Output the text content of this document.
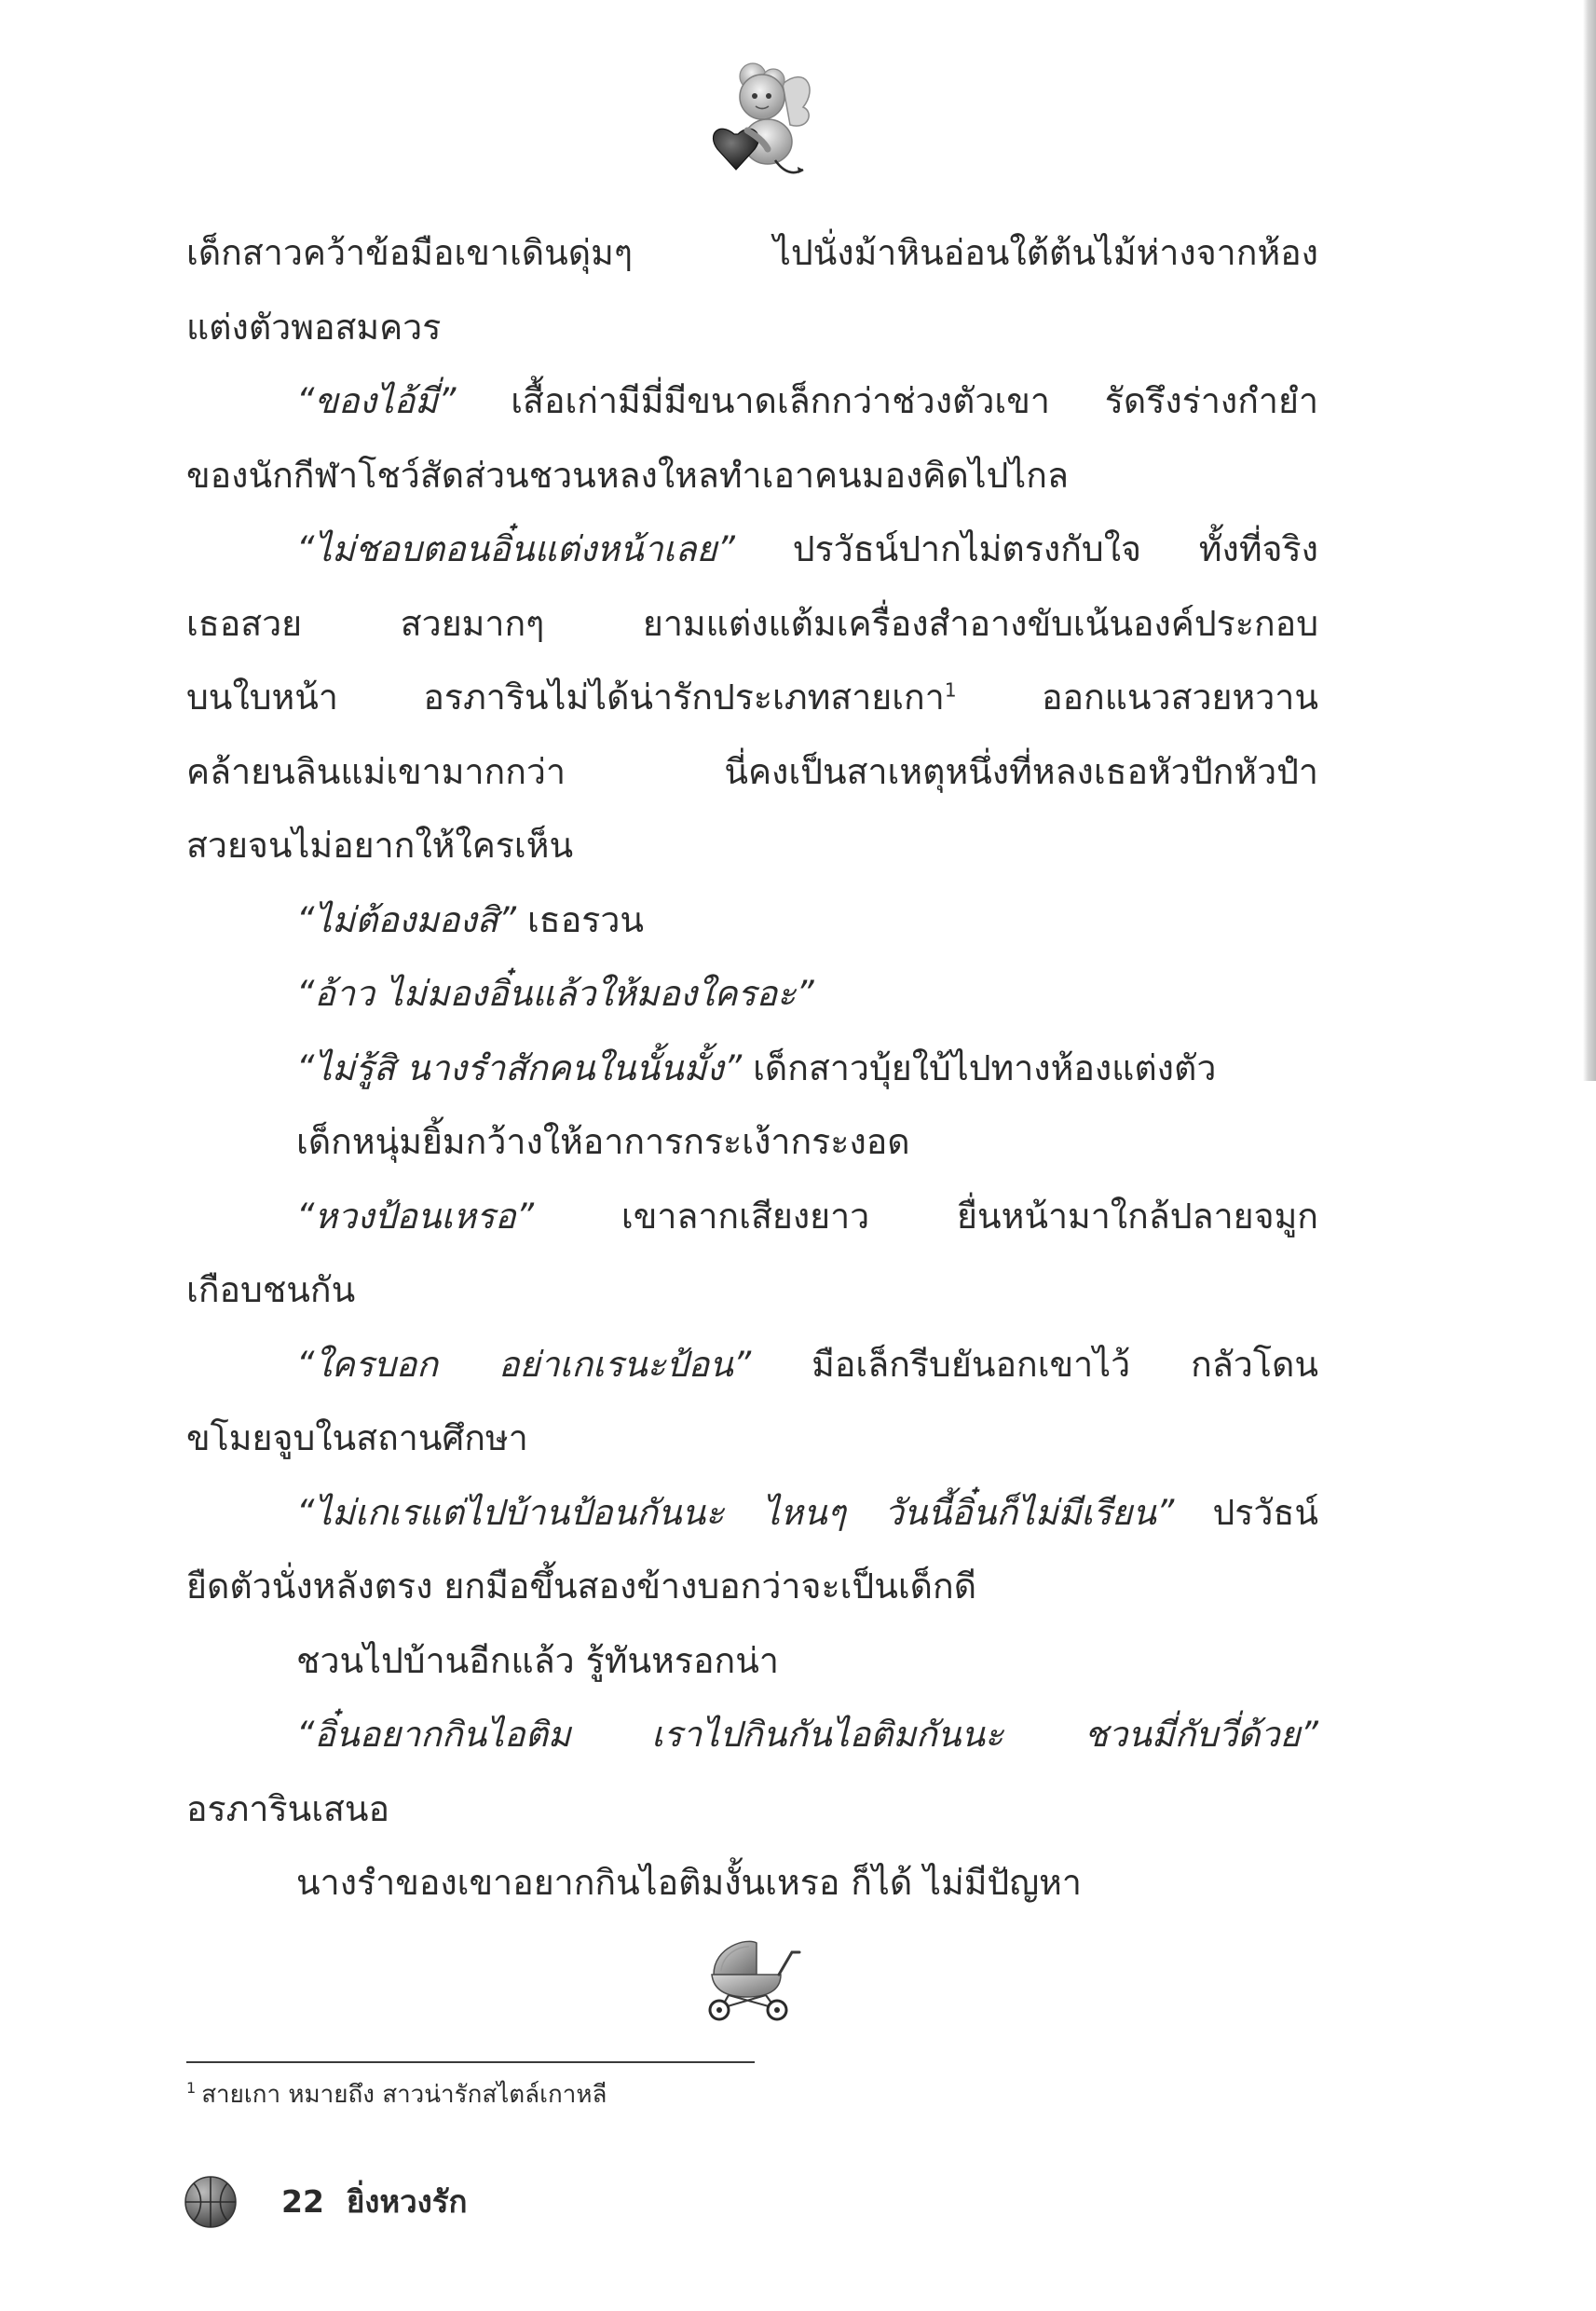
เด็กสาวคว้าข้อมือเขาเดินดุ่มๆ ไปนั่งม้าหินอ่อนใต้ต้นไม้ห่างจากห้อง
แต่งตัวพอสมควร
“ของไอ้มี่” เสื้อเก่ามีมี่มีขนาดเล็กกว่าช่วงตัวเขา รัดรึงร่างกำยำ
ของนักกีฬาโชว์สัดส่วนชวนหลงใหลทำเอาคนมองคิดไปไกล
“ไม่ชอบตอนอิ๋นแต่งหน้าเลย” ปรวัธน์ปากไม่ตรงกับใจ ทั้งที่จริง
เธอสวย สวยมากๆ ยามแต่งแต้มเครื่องสำอางขับเน้นองค์ประกอบ
บนใบหน้า อรภารินไม่ได้น่ารักประเภทสายเกา$^1$ ออกแนวสวยหวาน
คล้ายนลินแม่เขามากกว่า นี่คงเป็นสาเหตุหนึ่งที่หลงเธอหัวปักหัวปำ
สวยจนไม่อยากให้ใครเห็น
“ไม่ต้องมองสิ” เธอรวน
“อ้าว ไม่มองอิ๋นแล้วให้มองใครอะ”
“ไม่รู้สิ นางรำสักคนในนั้นมั้ง” เด็กสาวบุ้ยใบ้ไปทางห้องแต่งตัว
เด็กหนุ่มยิ้มกว้างให้อาการกระเง้ากระงอด
“หวงป้อนเหรอ” เขาลากเสียงยาว ยื่นหน้ามาใกล้ปลายจมูก
เกือบชนกัน
“ใครบอก อย่าเกเรนะป้อน” มือเล็กรีบยันอกเขาไว้ กลัวโดน
ขโมยจูบในสถานศึกษา
“ไม่เกเรแต่ไปบ้านป้อนกันนะ ไหนๆ วันนี้อิ๋นก็ไม่มีเรียน” ปรวัธน์
ยืดตัวนั่งหลังตรง ยกมือขึ้นสองข้างบอกว่าจะเป็นเด็กดี
ชวนไปบ้านอีกแล้ว รู้ทันหรอกน่า
“อิ๋นอยากกินไอติม เราไปกินกันไอติมกันนะ ชวนมี่กับวี่ด้วย”
อรภารินเสนอ
นางรำของเขาอยากกินไอติมงั้นเหรอ ก็ได้ ไม่มีปัญหา
$^1$ สายเกา หมายถึง สาวน่ารักสไตล์เกาหลี
22 ยิ่งหวงรัก
